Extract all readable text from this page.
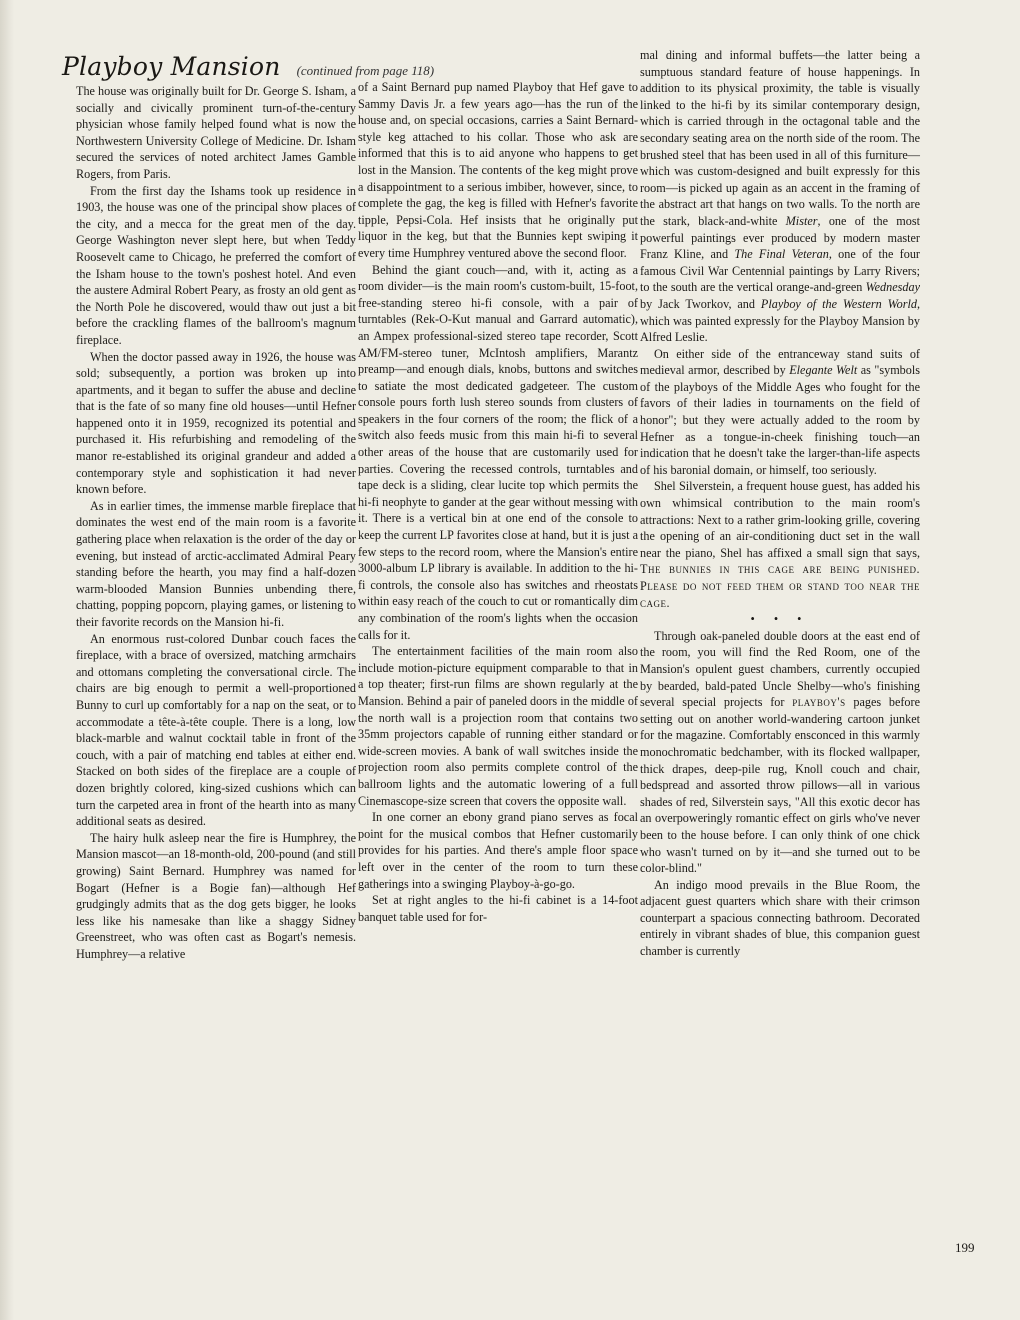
Playboy Mansion (continued from page 118)

The house was originally built for Dr. George S. Isham, a socially and civically prominent turn-of-the-century physician whose family helped found what is now the Northwestern University College of Medicine. Dr. Isham secured the services of noted architect James Gamble Rogers, from Paris.

From the first day the Ishams took up residence in 1903, the house was one of the principal show places of the city, and a mecca for the great men of the day. George Washington never slept here, but when Teddy Roosevelt came to Chicago, he preferred the comfort of the Isham house to the town's poshest hotel. And even the austere Admiral Robert Peary, as frosty an old gent as the North Pole he discovered, would thaw out just a bit before the crackling flames of the ballroom's magnum fireplace.

When the doctor passed away in 1926, the house was sold; subsequently, a portion was broken up into apartments, and it began to suffer the abuse and decline that is the fate of so many fine old houses—until Hefner happened onto it in 1959, recognized its potential and purchased it. His refurbishing and remodeling of the manor re-established its original grandeur and added a contemporary style and sophistication it had never known before.

As in earlier times, the immense marble fireplace that dominates the west end of the main room is a favorite gathering place when relaxation is the order of the day or evening, but instead of arctic-acclimated Admiral Peary standing before the hearth, you may find a half-dozen warm-blooded Mansion Bunnies unbending there, chatting, popping popcorn, playing games, or listening to their favorite records on the Mansion hi-fi.

An enormous rust-colored Dunbar couch faces the fireplace, with a brace of oversized, matching armchairs and ottomans completing the conversational circle. The chairs are big enough to permit a well-proportioned Bunny to curl up comfortably for a nap on the seat, or to accommodate a tête-à-tête couple. There is a long, low black-marble and walnut cocktail table in front of the couch, with a pair of matching end tables at either end. Stacked on both sides of the fireplace are a couple of dozen brightly colored, king-sized cushions which can turn the carpeted area in front of the hearth into as many additional seats as desired.

The hairy hulk asleep near the fire is Humphrey, the Mansion mascot—an 18-month-old, 200-pound (and still growing) Saint Bernard. Humphrey was named for Bogart (Hefner is a Bogie fan)—although Hef grudgingly admits that as the dog gets bigger, he looks less like his namesake than like a shaggy Sidney Greenstreet, who was often cast as Bogart's nemesis. Humphrey—a relative

of a Saint Bernard pup named Playboy that Hef gave to Sammy Davis Jr. a few years ago—has the run of the house and, on special occasions, carries a Saint Bernard-style keg attached to his collar. Those who ask are informed that this is to aid anyone who happens to get lost in the Mansion. The contents of the keg might prove a disappointment to a serious imbiber, however, since, to complete the gag, the keg is filled with Hefner's favorite tipple, Pepsi-Cola. Hef insists that he originally put liquor in the keg, but that the Bunnies kept swiping it every time Humphrey ventured above the second floor.

Behind the giant couch—and, with it, acting as a room divider—is the main room's custom-built, 15-foot, free-standing stereo hi-fi console, with a pair of turntables (Rek-O-Kut manual and Garrard automatic), an Ampex professional-sized stereo tape recorder, Scott AM/FM-stereo tuner, McIntosh amplifiers, Marantz preamp—and enough dials, knobs, buttons and switches to satiate the most dedicated gadgeteer. The custom console pours forth lush stereo sounds from clusters of speakers in the four corners of the room; the flick of a switch also feeds music from this main hi-fi to several other areas of the house that are customarily used for parties. Covering the recessed controls, turntables and tape deck is a sliding, clear lucite top which permits the hi-fi neophyte to gander at the gear without messing with it. There is a vertical bin at one end of the console to keep the current LP favorites close at hand, but it is just a few steps to the record room, where the Mansion's entire 3000-album LP library is available. In addition to the hi-fi controls, the console also has switches and rheostats within easy reach of the couch to cut or romantically dim any combination of the room's lights when the occasion calls for it.

The entertainment facilities of the main room also include motion-picture equipment comparable to that in a top theater; first-run films are shown regularly at the Mansion. Behind a pair of paneled doors in the middle of the north wall is a projection room that contains two 35mm projectors capable of running either standard or wide-screen movies. A bank of wall switches inside the projection room also permits complete control of the ballroom lights and the automatic lowering of a full Cinemascope-size screen that covers the opposite wall.

In one corner an ebony grand piano serves as focal point for the musical combos that Hefner customarily provides for his parties. And there's ample floor space left over in the center of the room to turn these gatherings into a swinging Playboy-à-go-go.

Set at right angles to the hi-fi cabinet is a 14-foot banquet table used for for-

mal dining and informal buffets—the latter being a sumptuous standard feature of house happenings. In addition to its physical proximity, the table is visually linked to the hi-fi by its similar contemporary design, which is carried through in the octagonal table and the secondary seating area on the north side of the room. The brushed steel that has been used in all of this furniture—which was custom-designed and built expressly for this room—is picked up again as an accent in the framing of the abstract art that hangs on two walls. To the north are the stark, black-and-white Mister, one of the most powerful paintings ever produced by modern master Franz Kline, and The Final Veteran, one of the four famous Civil War Centennial paintings by Larry Rivers; to the south are the vertical orange-and-green Wednesday by Jack Tworkov, and Playboy of the Western World, which was painted expressly for the Playboy Mansion by Alfred Leslie.

On either side of the entranceway stand suits of medieval armor, described by Elegante Welt as "symbols of the playboys of the Middle Ages who fought for the favors of their ladies in tournaments on the field of honor"; but they were actually added to the room by Hefner as a tongue-in-cheek finishing touch—an indication that he doesn't take the larger-than-life aspects of his baronial domain, or himself, too seriously.

Shel Silverstein, a frequent house guest, has added his own whimsical contribution to the main room's attractions: Next to a rather grim-looking grille, covering the opening of an air-conditioning duct set in the wall near the piano, Shel has affixed a small sign that says, The bunnies in this cage are being punished. Please do not feed them or stand too near the cage.

• • •

Through oak-paneled double doors at the east end of the room, you will find the Red Room, one of the Mansion's opulent guest chambers, currently occupied by bearded, bald-pated Uncle Shelby—who's finishing several special projects for playboy's pages before setting out on another world-wandering cartoon junket for the magazine. Comfortably ensconced in this warmly monochromatic bedchamber, with its flocked wallpaper, thick drapes, deep-pile rug, Knoll couch and chair, bedspread and assorted throw pillows—all in various shades of red, Silverstein says, "All this exotic decor has an overpoweringly romantic effect on girls who've never been to the house before. I can only think of one chick who wasn't turned on by it—and she turned out to be color-blind."

An indigo mood prevails in the Blue Room, the adjacent guest quarters which share with their crimson counterpart a spacious connecting bathroom. Decorated entirely in vibrant shades of blue, this companion guest chamber is currently

199
